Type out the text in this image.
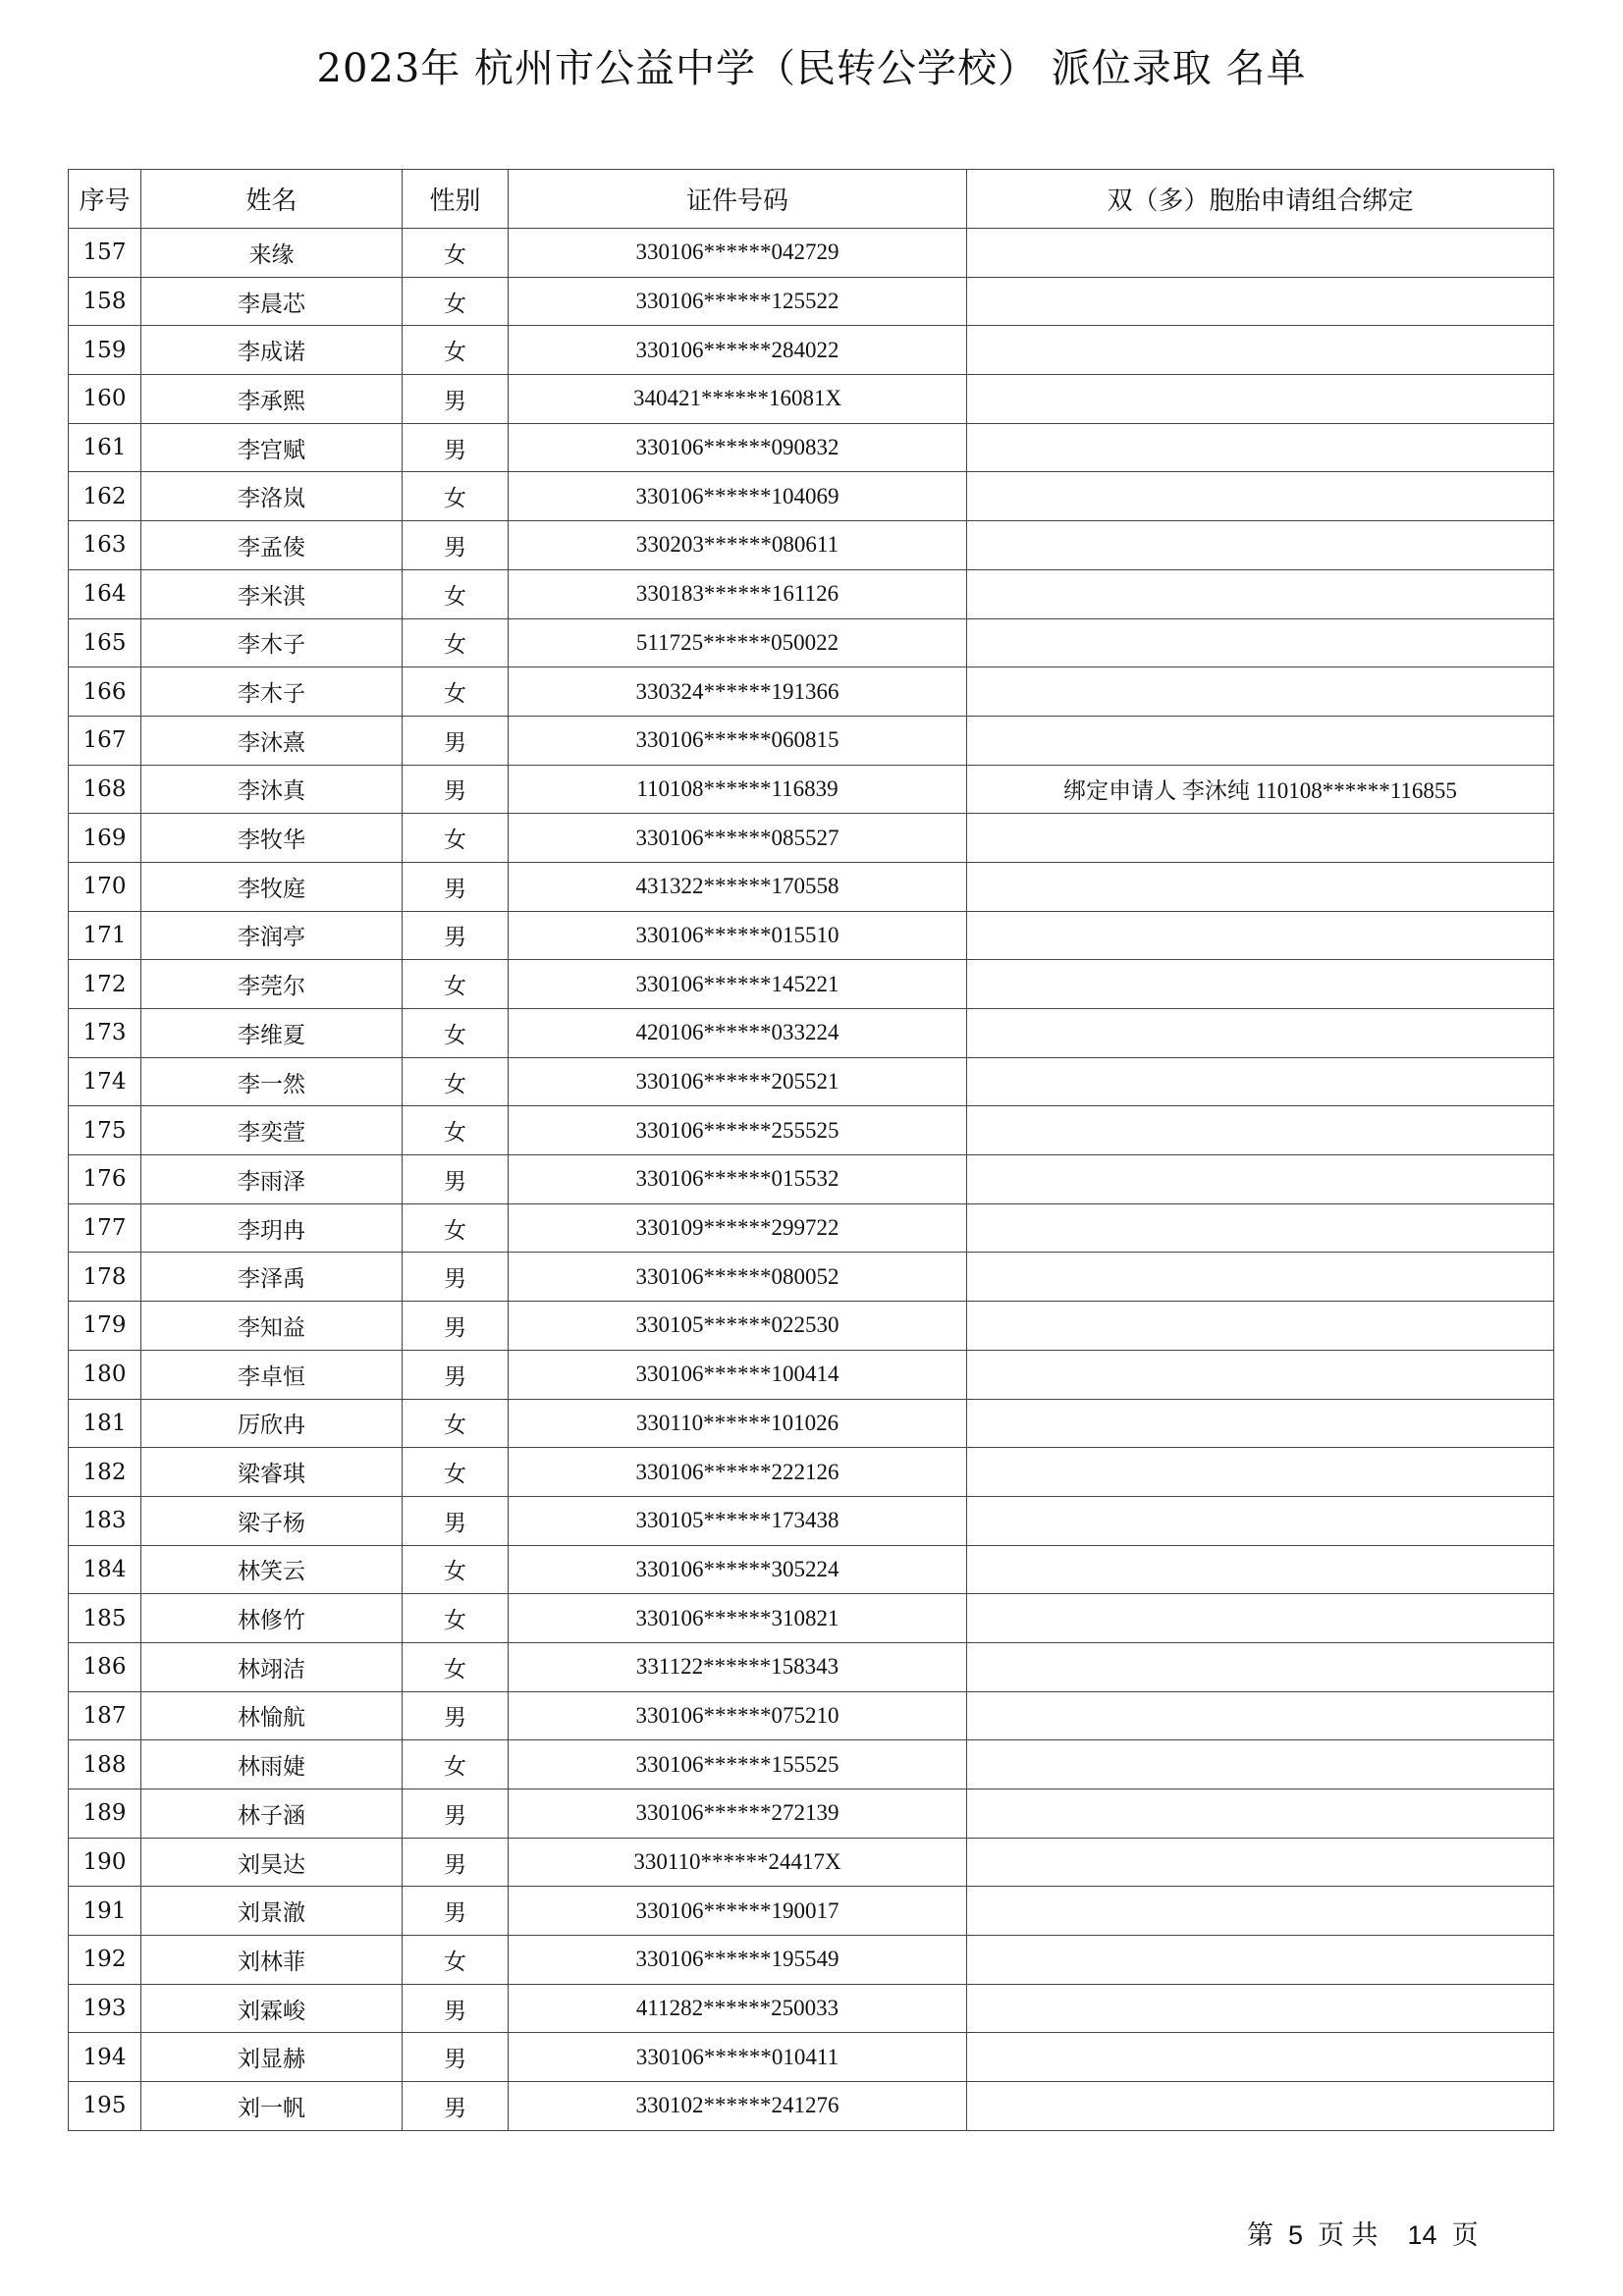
2023年 杭州市公益中学（民转公学校） 派位录取 名单
序号	姓名	性别	证件号码	双（多）胞胎申请组合绑定
157	来缘	女	330106******042729	
158	李晨芯	女	330106******125522	
159	李成诺	女	330106******284022	
160	李承熙	男	340421******16081X	
161	李宫赋	男	330106******090832	
162	李洛岚	女	330106******104069	
163	李孟倰	男	330203******080611	
164	李米淇	女	330183******161126	
165	李木子	女	511725******050022	
166	李木子	女	330324******191366	
167	李沐熹	男	330106******060815	
168	李沐真	男	110108******116839	绑定申请人 李沐纯 110108******116855
169	李牧华	女	330106******085527	
170	李牧庭	男	431322******170558	
171	李润亭	男	330106******015510	
172	李莞尔	女	330106******145221	
173	李维夏	女	420106******033224	
174	李一然	女	330106******205521	
175	李奕萱	女	330106******255525	
176	李雨泽	男	330106******015532	
177	李玥冉	女	330109******299722	
178	李泽禹	男	330106******080052	
179	李知益	男	330105******022530	
180	李卓恒	男	330106******100414	
181	厉欣冉	女	330110******101026	
182	梁睿琪	女	330106******222126	
183	梁子杨	男	330105******173438	
184	林笑云	女	330106******305224	
185	林修竹	女	330106******310821	
186	林翊洁	女	331122******158343	
187	林愉航	男	330106******075210	
188	林雨婕	女	330106******155525	
189	林子涵	男	330106******272139	
190	刘昊达	男	330110******24417X	
191	刘景澈	男	330106******190017	
192	刘林菲	女	330106******195549	
193	刘霖峻	男	411282******250033	
194	刘显赫	男	330106******010411	
195	刘一帆	男	330102******241276	
第  5  页 共    14  页
